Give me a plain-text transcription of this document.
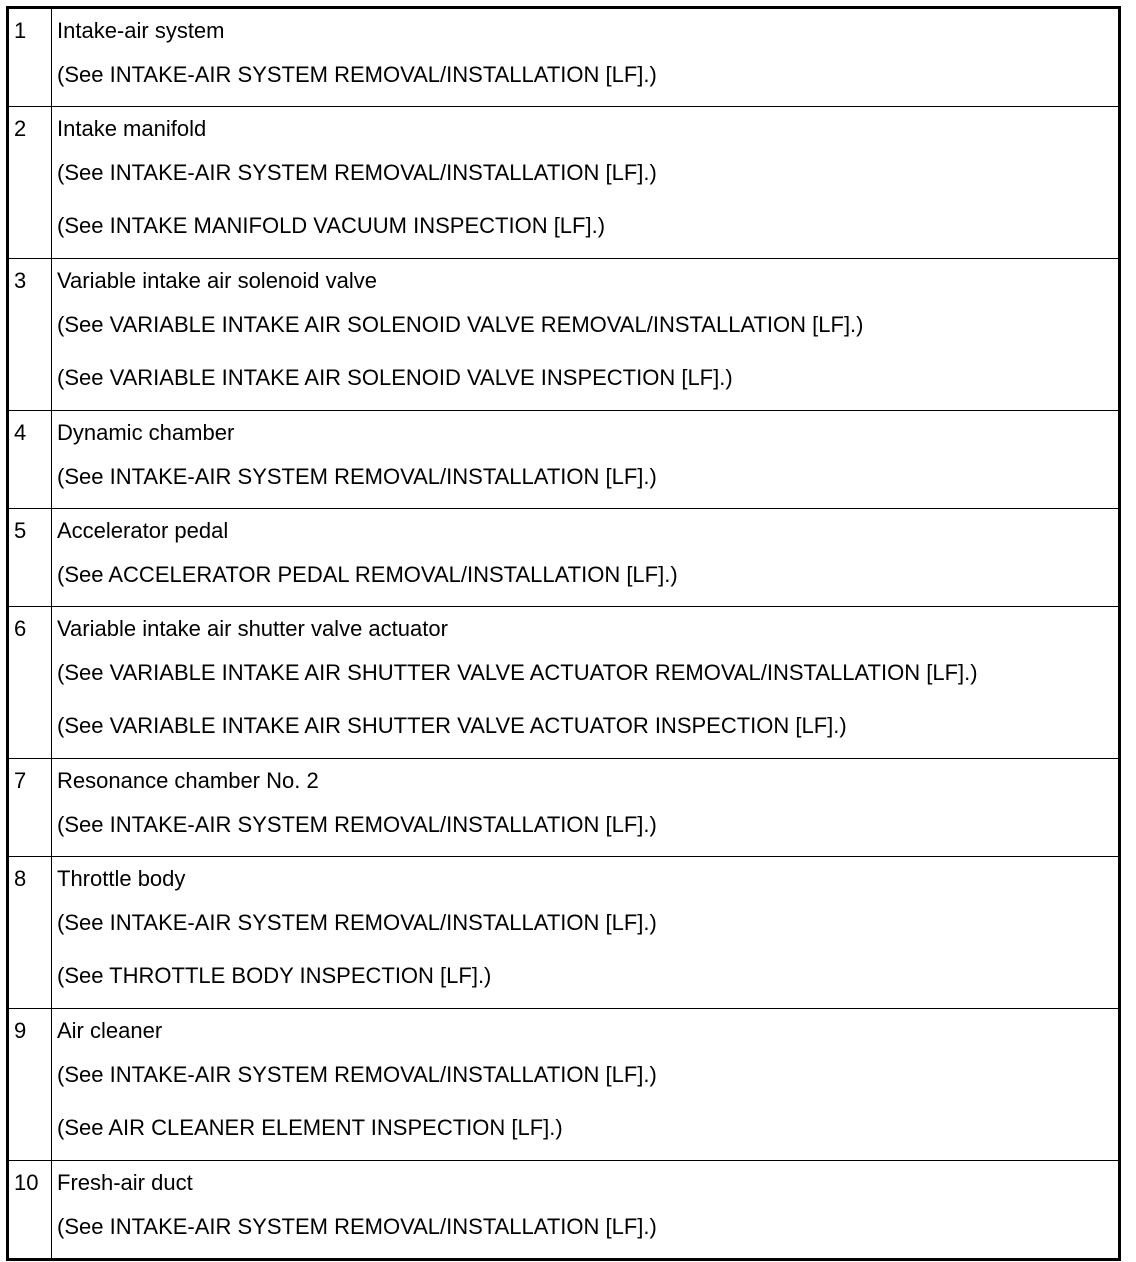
1	Intake-air system
(See INTAKE-AIR SYSTEM REMOVAL/INSTALLATION [LF].)

2	Intake manifold
(See INTAKE-AIR SYSTEM REMOVAL/INSTALLATION [LF].)
(See INTAKE MANIFOLD VACUUM INSPECTION [LF].)

3	Variable intake air solenoid valve
(See VARIABLE INTAKE AIR SOLENOID VALVE REMOVAL/INSTALLATION [LF].)
(See VARIABLE INTAKE AIR SOLENOID VALVE INSPECTION [LF].)

4	Dynamic chamber
(See INTAKE-AIR SYSTEM REMOVAL/INSTALLATION [LF].)

5	Accelerator pedal
(See ACCELERATOR PEDAL REMOVAL/INSTALLATION [LF].)

6	Variable intake air shutter valve actuator
(See VARIABLE INTAKE AIR SHUTTER VALVE ACTUATOR REMOVAL/INSTALLATION [LF].)
(See VARIABLE INTAKE AIR SHUTTER VALVE ACTUATOR INSPECTION [LF].)

7	Resonance chamber No. 2
(See INTAKE-AIR SYSTEM REMOVAL/INSTALLATION [LF].)

8	Throttle body
(See INTAKE-AIR SYSTEM REMOVAL/INSTALLATION [LF].)
(See THROTTLE BODY INSPECTION [LF].)

9	Air cleaner
(See INTAKE-AIR SYSTEM REMOVAL/INSTALLATION [LF].)
(See AIR CLEANER ELEMENT INSPECTION [LF].)

10	Fresh-air duct
(See INTAKE-AIR SYSTEM REMOVAL/INSTALLATION [LF].)
